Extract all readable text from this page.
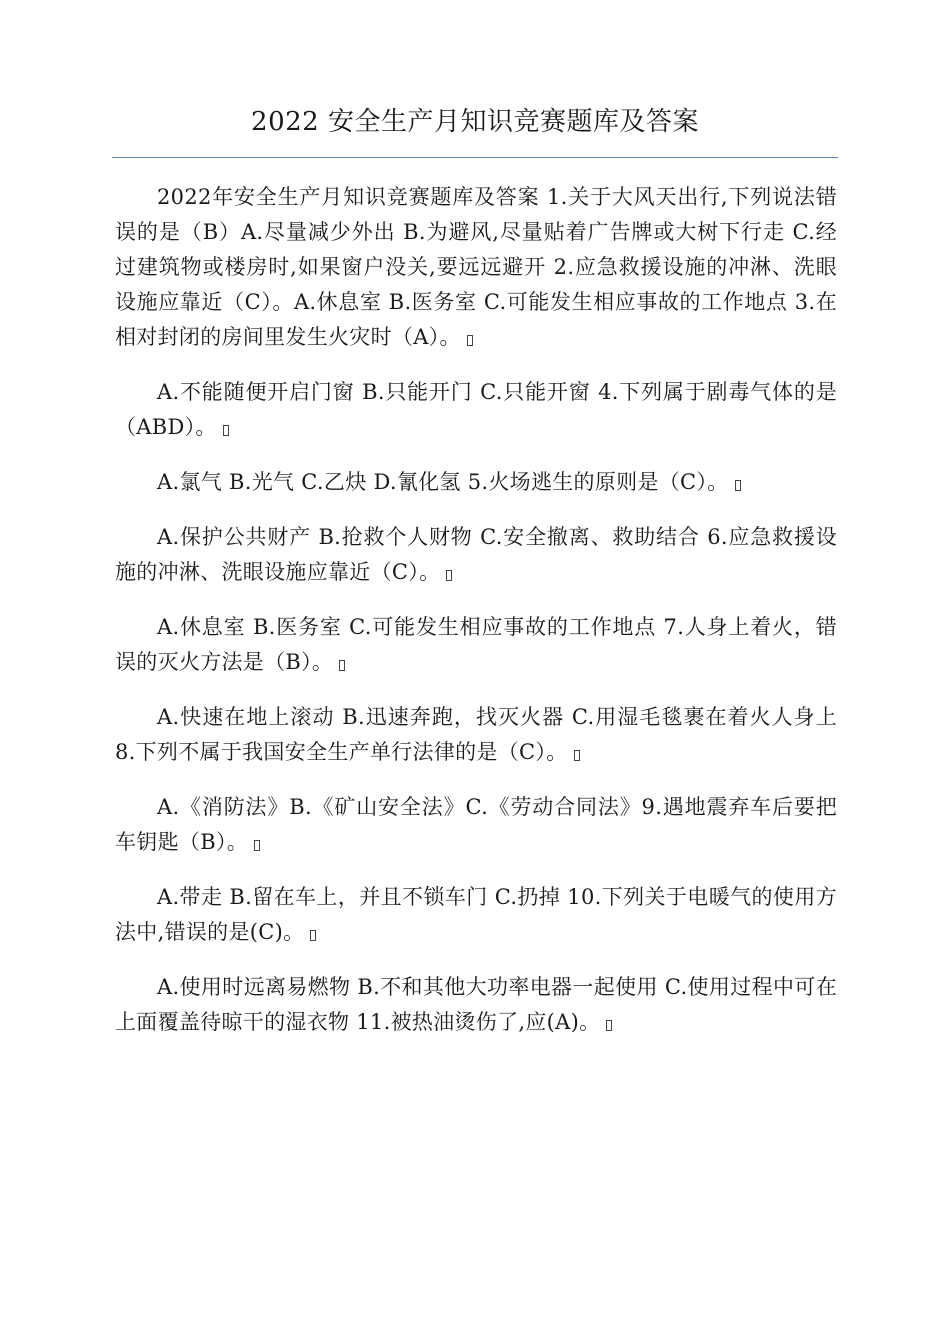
2022 安全生产月知识竞赛题库及答案

2022年安全生产月知识竞赛题库及答案 1.关于大风天出行,下列说法错误的是（B）A.尽量减少外出 B.为避风,尽量贴着广告牌或大树下行走 C.经过建筑物或楼房时,如果窗户没关,要远远避开 2.应急救援设施的冲淋、洗眼设施应靠近（C）。A.休息室 B.医务室 C.可能发生相应事故的工作地点 3.在相对封闭的房间里发生火灾时（A）。

A.不能随便开启门窗 B.只能开门 C.只能开窗 4.下列属于剧毒气体的是（ABD）。

A.氯气 B.光气 C.乙炔 D.氰化氢 5.火场逃生的原则是（C）。

A.保护公共财产 B.抢救个人财物 C.安全撤离、救助结合 6.应急救援设施的冲淋、洗眼设施应靠近（C）。

A.休息室 B.医务室 C.可能发生相应事故的工作地点 7.人身上着火，错误的灭火方法是（B）。

A.快速在地上滚动 B.迅速奔跑，找灭火器 C.用湿毛毯裹在着火人身上 8.下列不属于我国安全生产单行法律的是（C）。

A.《消防法》B.《矿山安全法》C.《劳动合同法》9.遇地震弃车后要把车钥匙（B）。

A.带走 B.留在车上，并且不锁车门 C.扔掉 10.下列关于电暖气的使用方法中,错误的是(C)。

A.使用时远离易燃物 B.不和其他大功率电器一起使用 C.使用过程中可在上面覆盖待晾干的湿衣物 11.被热油烫伤了,应(A)。
